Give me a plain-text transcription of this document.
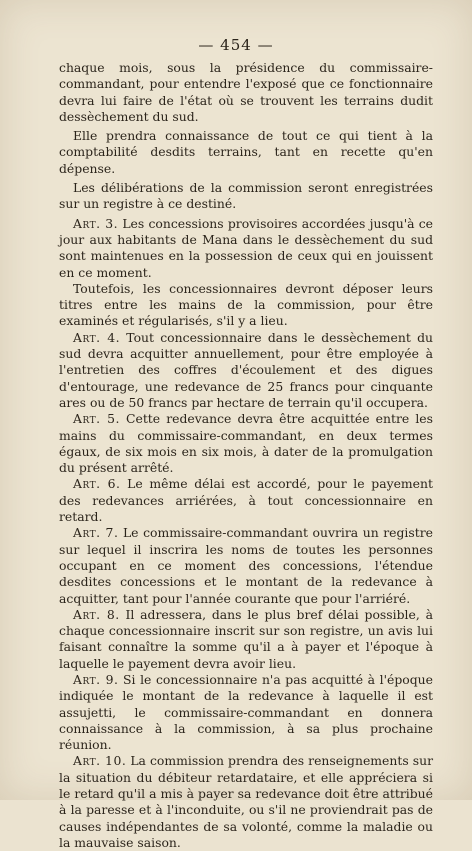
— 454 —

chaque mois, sous la présidence du commissaire-commandant, pour entendre l'exposé que ce fonctionnaire devra lui faire de l'état où se trouvent les terrains dudit dessèchement du sud.

Elle prendra connaissance de tout ce qui tient à la comptabilité desdits terrains, tant en recette qu'en dépense.

Les délibérations de la commission seront enregistrées sur un registre à ce destiné.

Art. 3. Les concessions provisoires accordées jusqu'à ce jour aux habitants de Mana dans le dessèchement du sud sont maintenues en la possession de ceux qui en jouissent en ce moment.

Toutefois, les concessionnaires devront déposer leurs titres entre les mains de la commission, pour être examinés et régularisés, s'il y a lieu.

Art. 4. Tout concessionnaire dans le dessèchement du sud devra acquitter annuellement, pour être employée à l'entretien des coffres d'écoulement et des digues d'entourage, une redevance de 25 francs pour cinquante ares ou de 50 francs par hectare de terrain qu'il occupera.

Art. 5. Cette redevance devra être acquittée entre les mains du commissaire-commandant, en deux termes égaux, de six mois en six mois, à dater de la promulgation du présent arrêté.

Art. 6. Le même délai est accordé, pour le payement des redevances arriérées, à tout concessionnaire en retard.

Art. 7. Le commissaire-commandant ouvrira un registre sur lequel il inscrira les noms de toutes les personnes occupant en ce moment des concessions, l'étendue desdites concessions et le montant de la redevance à acquitter, tant pour l'année courante que pour l'arriéré.

Art. 8. Il adressera, dans le plus bref délai possible, à chaque concessionnaire inscrit sur son registre, un avis lui faisant connaître la somme qu'il a à payer et l'époque à laquelle le payement devra avoir lieu.

Art. 9. Si le concessionnaire n'a pas acquitté à l'époque indiquée le montant de la redevance à laquelle il est assujetti, le commissaire-commandant en donnera connaissance à la commission, à sa plus prochaine réunion.

Art. 10. La commission prendra des renseignements sur la situation du débiteur retardataire, et elle appréciera si le retard qu'il a mis à payer sa redevance doit être attribué à la paresse et à l'inconduite, ou s'il ne proviendrait pas de causes indépendantes de sa volonté, comme la maladie ou la mauvaise saison.
